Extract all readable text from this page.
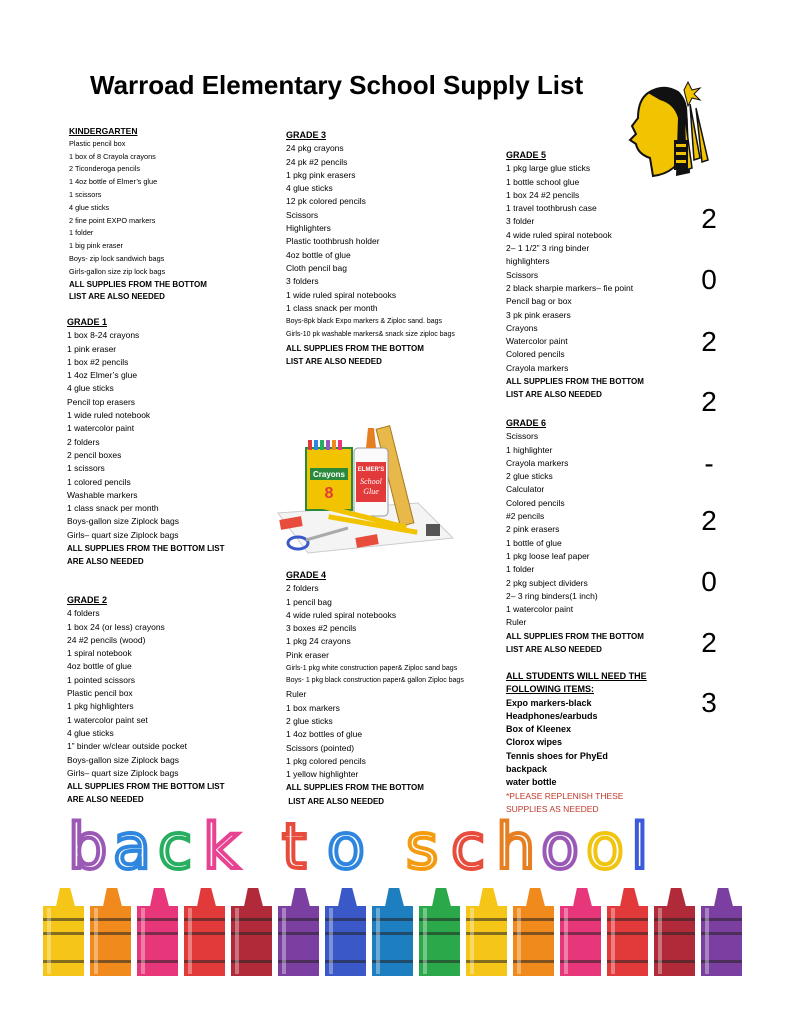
Warroad Elementary School Supply List
KINDERGARTEN
Plastic pencil box
1 box of 8 Crayola crayons
2 Ticonderoga pencils
1 4oz bottle of Elmer’s glue
1 scissors
4 glue sticks
2 fine point EXPO markers
1 folder
1 big pink eraser
Boys- zip lock sandwich bags
Girls-gallon size zip lock bags
ALL SUPPLIES FROM THE BOTTOM
LIST ARE ALSO NEEDED
GRADE 1
1 box 8-24 crayons
1 pink eraser
1 box #2 pencils
1 4oz Elmer’s glue
4 glue sticks
Pencil top erasers
1 wide ruled notebook
1 watercolor paint
2 folders
2 pencil boxes
1 scissors
1 colored pencils
Washable markers
1 class snack per month
Boys-gallon size Ziplock bags
Girls– quart size Ziplock bags
ALL SUPPLIES FROM THE BOTTOM LIST
ARE ALSO NEEDED
GRADE 2
4 folders
1 box 24 (or less) crayons
24 #2 pencils (wood)
1 spiral notebook
4oz bottle of glue
1 pointed scissors
Plastic pencil box
1 pkg highlighters
1 watercolor paint set
4 glue sticks
1” binder w/clear outside pocket
Boys-gallon size Ziplock bags
Girls– quart size Ziplock bags
ALL SUPPLIES FROM THE BOTTOM LIST
ARE ALSO NEEDED
GRADE 3
24 pkg crayons
24 pk #2 pencils
1 pkg pink erasers
4 glue sticks
12 pk colored pencils
Scissors
Highlighters
Plastic toothbrush holder
4oz bottle of glue
Cloth pencil bag
3 folders
1 wide ruled spiral notebooks
1 class snack per month
Boys-8pk black Expo markers & Ziploc sand. bags
Girls-10 pk washable markers& snack size ziploc bags
ALL SUPPLIES FROM THE BOTTOM
LIST ARE ALSO NEEDED
Crayons
8
ELMER'S
School
Glue
GRADE 4
2 folders
1 pencil bag
4 wide ruled spiral notebooks
3 boxes #2 pencils
1 pkg 24 crayons
Pink eraser
Girls-1 pkg white construction paper& Ziploc sand bags
Boys- 1 pkg black construction paper& gallon Ziploc bags
Ruler
1 box markers
2 glue sticks
1 4oz bottles of glue
Scissors (pointed)
1 pkg colored pencils
1 yellow highlighter
ALL SUPPLIES FROM THE BOTTOM
LIST ARE ALSO NEEDED
GRADE 5
1 pkg large glue sticks
1 bottle school glue
1 box 24 #2 pencils
1 travel toothbrush case
3 folder
4 wide ruled spiral notebook
2– 1 1/2” 3 ring binder
highlighters
Scissors
2 black sharpie markers– fie point
Pencil bag or box
3 pk pink erasers
Crayons
Watercolor paint
Colored pencils
Crayola markers
ALL SUPPLIES FROM THE BOTTOM
LIST ARE ALSO NEEDED
GRADE 6
Scissors
1 highlighter
Crayola markers
2 glue sticks
Calculator
Colored pencils
#2 pencils
2 pink erasers
1 bottle of glue
1 pkg loose leaf paper
1 folder
2 pkg subject dividers
2– 3 ring binders(1 inch)
1 watercolor paint
Ruler
ALL SUPPLIES FROM THE BOTTOM
LIST ARE ALSO NEEDED
ALL STUDENTS WILL NEED THE
FOLLOWING ITEMS:
Expo markers-black
Headphones/earbuds
Box of Kleenex
Clorox wipes
Tennis shoes for PhyEd
backpack
water bottle
*PLEASE REPLENISH THESE
SUPPLIES AS NEEDED
2
0
2
2
-
2
0
2
3
b a c k t o s c h o o l
